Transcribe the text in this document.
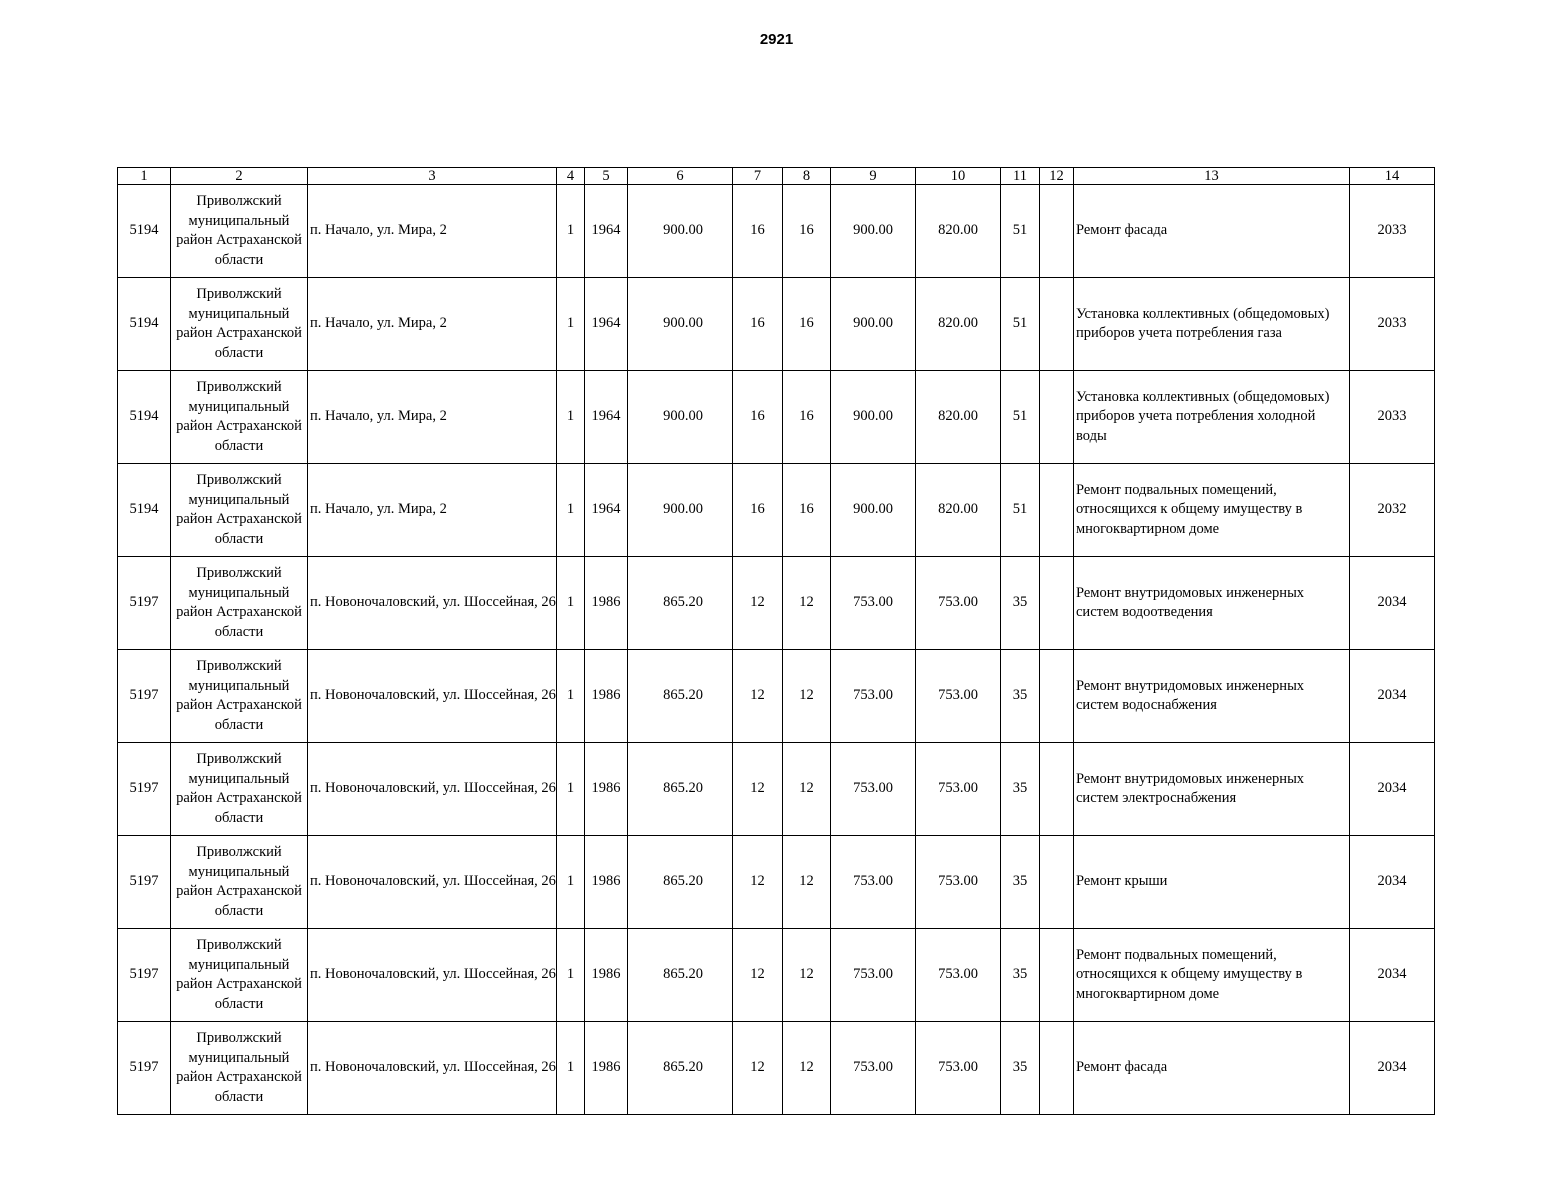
2921
1	2	3	4	5	6	7	8	9	10	11	12	13	14
5194	Приволжский муниципальный район Астраханской области	п. Начало, ул. Мира, 2	1	1964	900.00	16	16	900.00	820.00	51		Ремонт фасада	2033
5194	Приволжский муниципальный район Астраханской области	п. Начало, ул. Мира, 2	1	1964	900.00	16	16	900.00	820.00	51		Установка коллективных (общедомовых) приборов учета потребления газа	2033
5194	Приволжский муниципальный район Астраханской области	п. Начало, ул. Мира, 2	1	1964	900.00	16	16	900.00	820.00	51		Установка коллективных (общедомовых) приборов учета потребления холодной воды	2033
5194	Приволжский муниципальный район Астраханской области	п. Начало, ул. Мира, 2	1	1964	900.00	16	16	900.00	820.00	51		Ремонт подвальных помещений, относящихся к общему имуществу в многоквартирном доме	2032
5197	Приволжский муниципальный район Астраханской области	п. Новоночаловский, ул. Шоссейная, 26	1	1986	865.20	12	12	753.00	753.00	35		Ремонт внутридомовых инженерных систем водоотведения	2034
5197	Приволжский муниципальный район Астраханской области	п. Новоночаловский, ул. Шоссейная, 26	1	1986	865.20	12	12	753.00	753.00	35		Ремонт внутридомовых инженерных систем водоснабжения	2034
5197	Приволжский муниципальный район Астраханской области	п. Новоночаловский, ул. Шоссейная, 26	1	1986	865.20	12	12	753.00	753.00	35		Ремонт внутридомовых инженерных систем электроснабжения	2034
5197	Приволжский муниципальный район Астраханской области	п. Новоночаловский, ул. Шоссейная, 26	1	1986	865.20	12	12	753.00	753.00	35		Ремонт крыши	2034
5197	Приволжский муниципальный район Астраханской области	п. Новоночаловский, ул. Шоссейная, 26	1	1986	865.20	12	12	753.00	753.00	35		Ремонт подвальных помещений, относящихся к общему имуществу в многоквартирном доме	2034
5197	Приволжский муниципальный район Астраханской области	п. Новоночаловский, ул. Шоссейная, 26	1	1986	865.20	12	12	753.00	753.00	35		Ремонт фасада	2034
